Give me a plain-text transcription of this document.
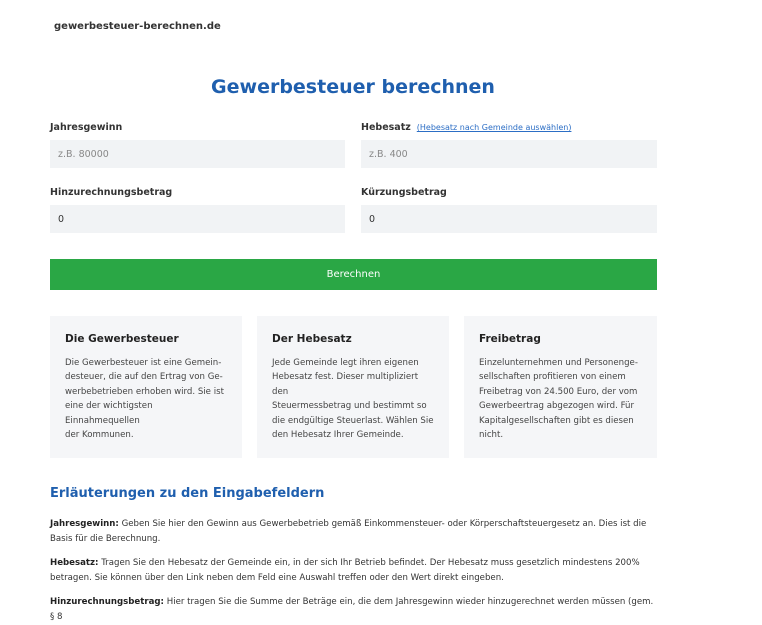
gewerbesteuer-berechnen.de
Gewerbesteuer berechnen
Jahresgewinn
z.B. 80000	Hebesatz (Hebesatz nach Gemeinde auswählen)
z.B. 400
Hinzurechnungsbetrag
0	Kürzungsbetrag
0
Berechnen
Die Gewerbesteuer
Die Gewerbesteuer ist eine Gemein-
desteuer, die auf den Ertrag von Ge-
werbebetrieben erhoben wird. Sie ist
eine der wichtigsten Einnahmequellen
der Kommunen.
Der Hebesatz
Jede Gemeinde legt ihren eigenen
Hebesatz fest. Dieser multipliziert den
Steuermessbetrag und bestimmt so
die endgültige Steuerlast. Wählen Sie
den Hebesatz Ihrer Gemeinde.
Freibetrag
Einzelunternehmen und Personenge-
sellschaften profitieren von einem
Freibetrag von 24.500 Euro, der vom
Gewerbeertrag abgezogen wird. Für
Kapitalgesellschaften gibt es diesen
nicht.
Erläuterungen zu den Eingabefeldern

Jahresgewinn: Geben Sie hier den Gewinn aus Gewerbebetrieb gemäß Einkommensteuer- oder Körperschaftsteuergesetz an. Dies ist die Basis für die Berechnung.

Hebesatz: Tragen Sie den Hebesatz der Gemeinde ein, in der sich Ihr Betrieb befindet. Der Hebesatz muss gesetzlich mindestens 200% betragen. Sie können über den Link neben dem Feld eine Auswahl treffen oder den Wert direkt eingeben.

Hinzurechnungsbetrag: Hier tragen Sie die Summe der Beträge ein, die dem Jahresgewinn wieder hinzugerechnet werden müssen (gem. § 8
